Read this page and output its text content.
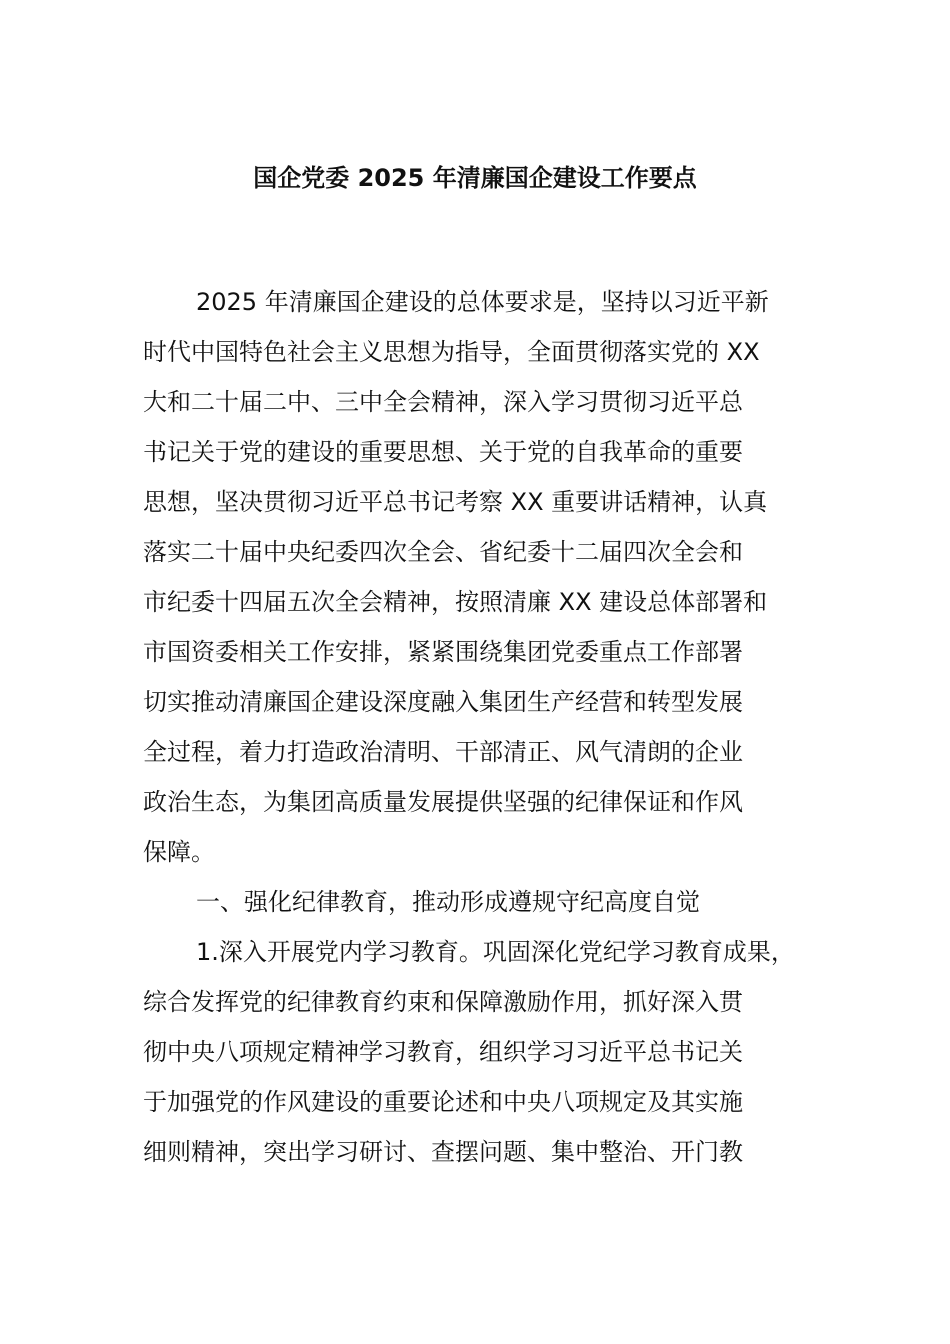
国企党委 2025 年清廉国企建设工作要点
2025 年清廉国企建设的总体要求是，坚持以习近平新
时代中国特色社会主义思想为指导，全面贯彻落实党的 XX
大和二十届二中、三中全会精神，深入学习贯彻习近平总
书记关于党的建设的重要思想、关于党的自我革命的重要
思想，坚决贯彻习近平总书记考察 XX 重要讲话精神，认真
落实二十届中央纪委四次全会、省纪委十二届四次全会和
市纪委十四届五次全会精神，按照清廉 XX 建设总体部署和
市国资委相关工作安排，紧紧围绕集团党委重点工作部署
切实推动清廉国企建设深度融入集团生产经营和转型发展
全过程，着力打造政治清明、干部清正、风气清朗的企业
政治生态，为集团高质量发展提供坚强的纪律保证和作风
保障。
一、强化纪律教育，推动形成遵规守纪高度自觉
1.深入开展党内学习教育。巩固深化党纪学习教育成果，
综合发挥党的纪律教育约束和保障激励作用，抓好深入贯
彻中央八项规定精神学习教育，组织学习习近平总书记关
于加强党的作风建设的重要论述和中央八项规定及其实施
细则精神，突出学习研讨、查摆问题、集中整治、开门教
